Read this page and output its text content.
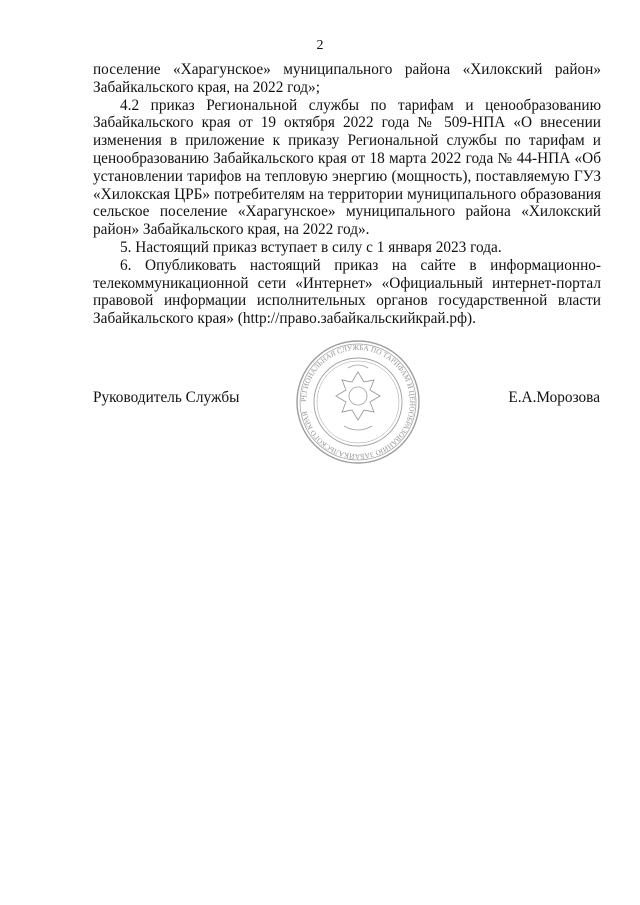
2

поселение «Харагунское» муниципального района «Хилокский район» Забайкальского края, на 2022 год»;

4.2 приказ Региональной службы по тарифам и ценообразованию Забайкальского края от 19 октября 2022 года № 509-НПА «О внесении изменения в приложение к приказу Региональной службы по тарифам и ценообразованию Забайкальского края от 18 марта 2022 года № 44-НПА «Об установлении тарифов на тепловую энергию (мощность), поставляемую ГУЗ «Хилокская ЦРБ» потребителям на территории муниципального образования сельское поселение «Харагунское» муниципального района «Хилокский район» Забайкальского края, на 2022 год».

5. Настоящий приказ вступает в силу с 1 января 2023 года.

6. Опубликовать настоящий приказ на сайте в информационно-телекоммуникационной сети «Интернет» «Официальный интернет-портал правовой информации исполнительных органов государственной власти Забайкальского края» (http://право.забайкальскийкрай.рф).

Руководитель Службы	РЕГИОНАЛЬНАЯ СЛУЖБА ПО ТАРИФАМ И ЦЕНООБРАЗОВАНИЮ ЗАБАЙКАЛЬСКОГО КРАЯ
Е.А.Морозова
